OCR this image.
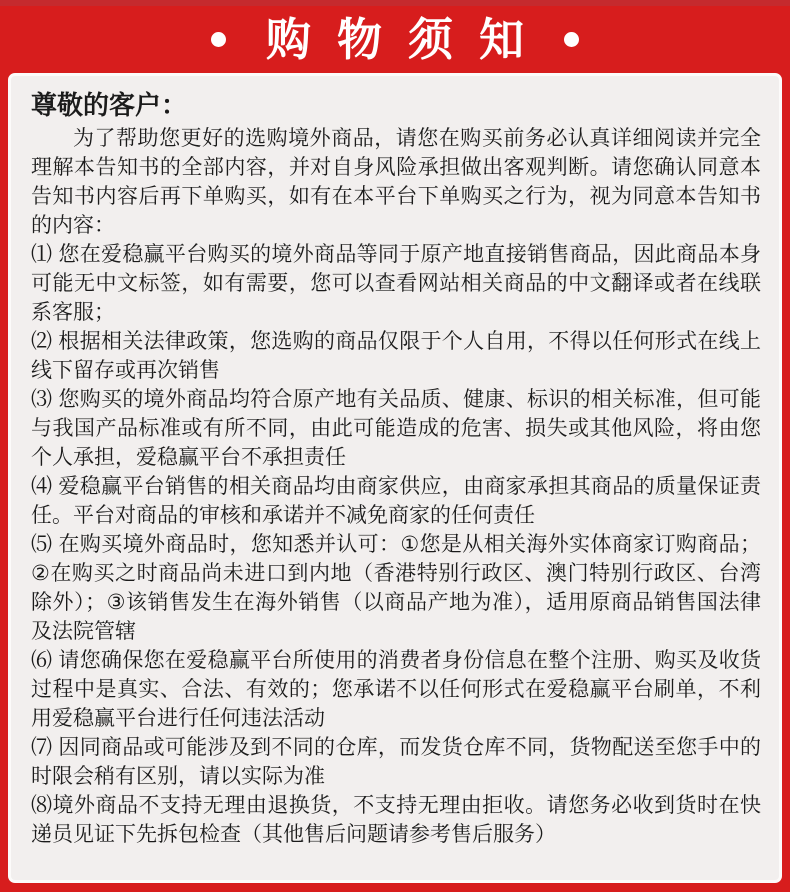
购物须知

尊敬的客户：

为了帮助您更好的选购境外商品，请您在购买前务必认真详细阅读并完全理解本告知书的全部内容，并对自身风险承担做出客观判断。请您确认同意本告知书内容后再下单购买，如有在本平台下单购买之行为，视为同意本告知书的内容：

⑴ 您在爱稳赢平台购买的境外商品等同于原产地直接销售商品，因此商品本身可能无中文标签，如有需要，您可以查看网站相关商品的中文翻译或者在线联系客服；

⑵ 根据相关法律政策，您选购的商品仅限于个人自用，不得以任何形式在线上线下留存或再次销售

⑶ 您购买的境外商品均符合原产地有关品质、健康、标识的相关标准，但可能与我国产品标准或有所不同，由此可能造成的危害、损失或其他风险，将由您个人承担，爱稳赢平台不承担责任

⑷ 爱稳赢平台销售的相关商品均由商家供应，由商家承担其商品的质量保证责任。平台对商品的审核和承诺并不减免商家的任何责任

⑸ 在购买境外商品时，您知悉并认可：①您是从相关海外实体商家订购商品；②在购买之时商品尚未进口到内地（香港特别行政区、澳门特别行政区、台湾除外）；③该销售发生在海外销售（以商品产地为准），适用原商品销售国法律及法院管辖

⑹ 请您确保您在爱稳赢平台所使用的消费者身份信息在整个注册、购买及收货过程中是真实、合法、有效的；您承诺不以任何形式在爱稳赢平台刷单，不利用爱稳赢平台进行任何违法活动

⑺ 因同商品或可能涉及到不同的仓库，而发货仓库不同，货物配送至您手中的时限会稍有区别，请以实际为准

⑻境外商品不支持无理由退换货，不支持无理由拒收。请您务必收到货时在快递员见证下先拆包检查（其他售后问题请参考售后服务）
